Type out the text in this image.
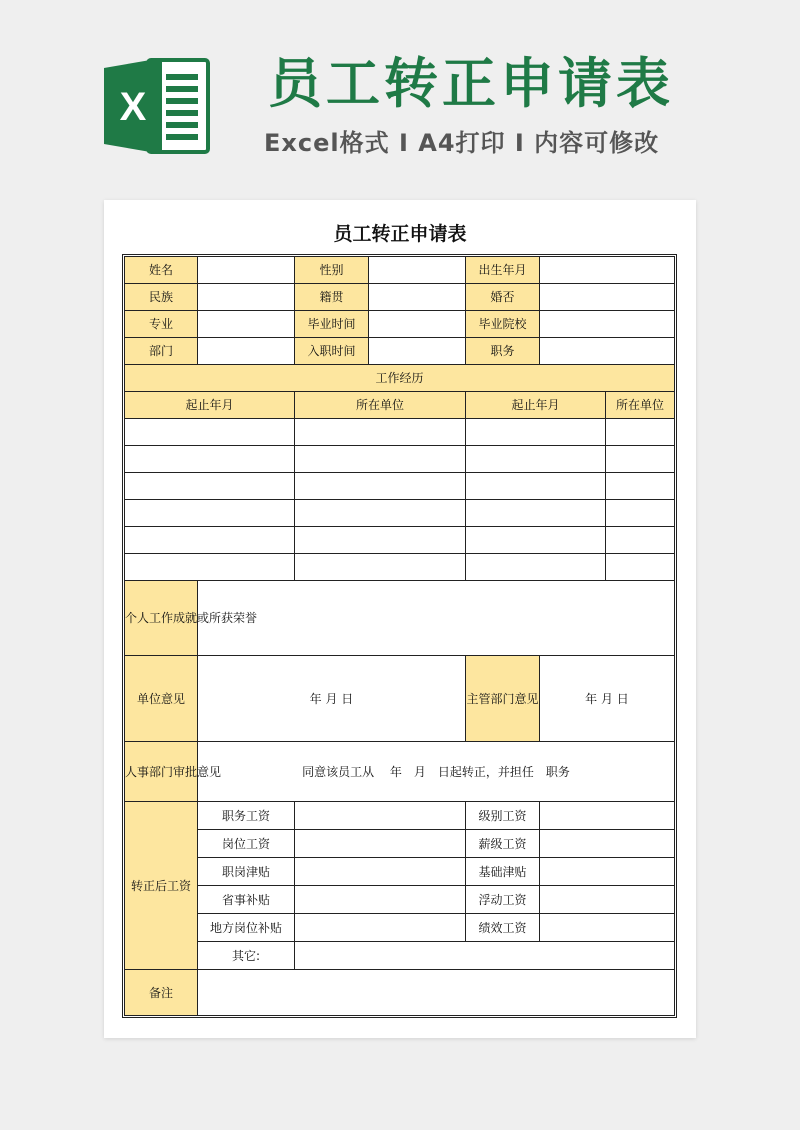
X 员工转正申请表
Excel格式 I A4打印 I 内容可修改
员工转正申请表
姓名		性别		出生年月		
民族		籍贯		婚否		
专业		毕业时间		毕业院校		
部门		入职时间		职务		
工作经历						
起止年月		所在单位		起止年月		所在单位

个人工作成就或所获荣誉						
单位意见	年 月 日			主管部门意见	年 月 日	
人事部门审批意见	同意该员工从　 年　月　日起转正，并担任　职务					
转正后工资	职务工资			级别工资		
	岗位工资			薪级工资		
	职岗津贴			基础津贴		
	省事补贴			浮动工资		
	地方岗位补贴			绩效工资		
	其它:					
备注						
